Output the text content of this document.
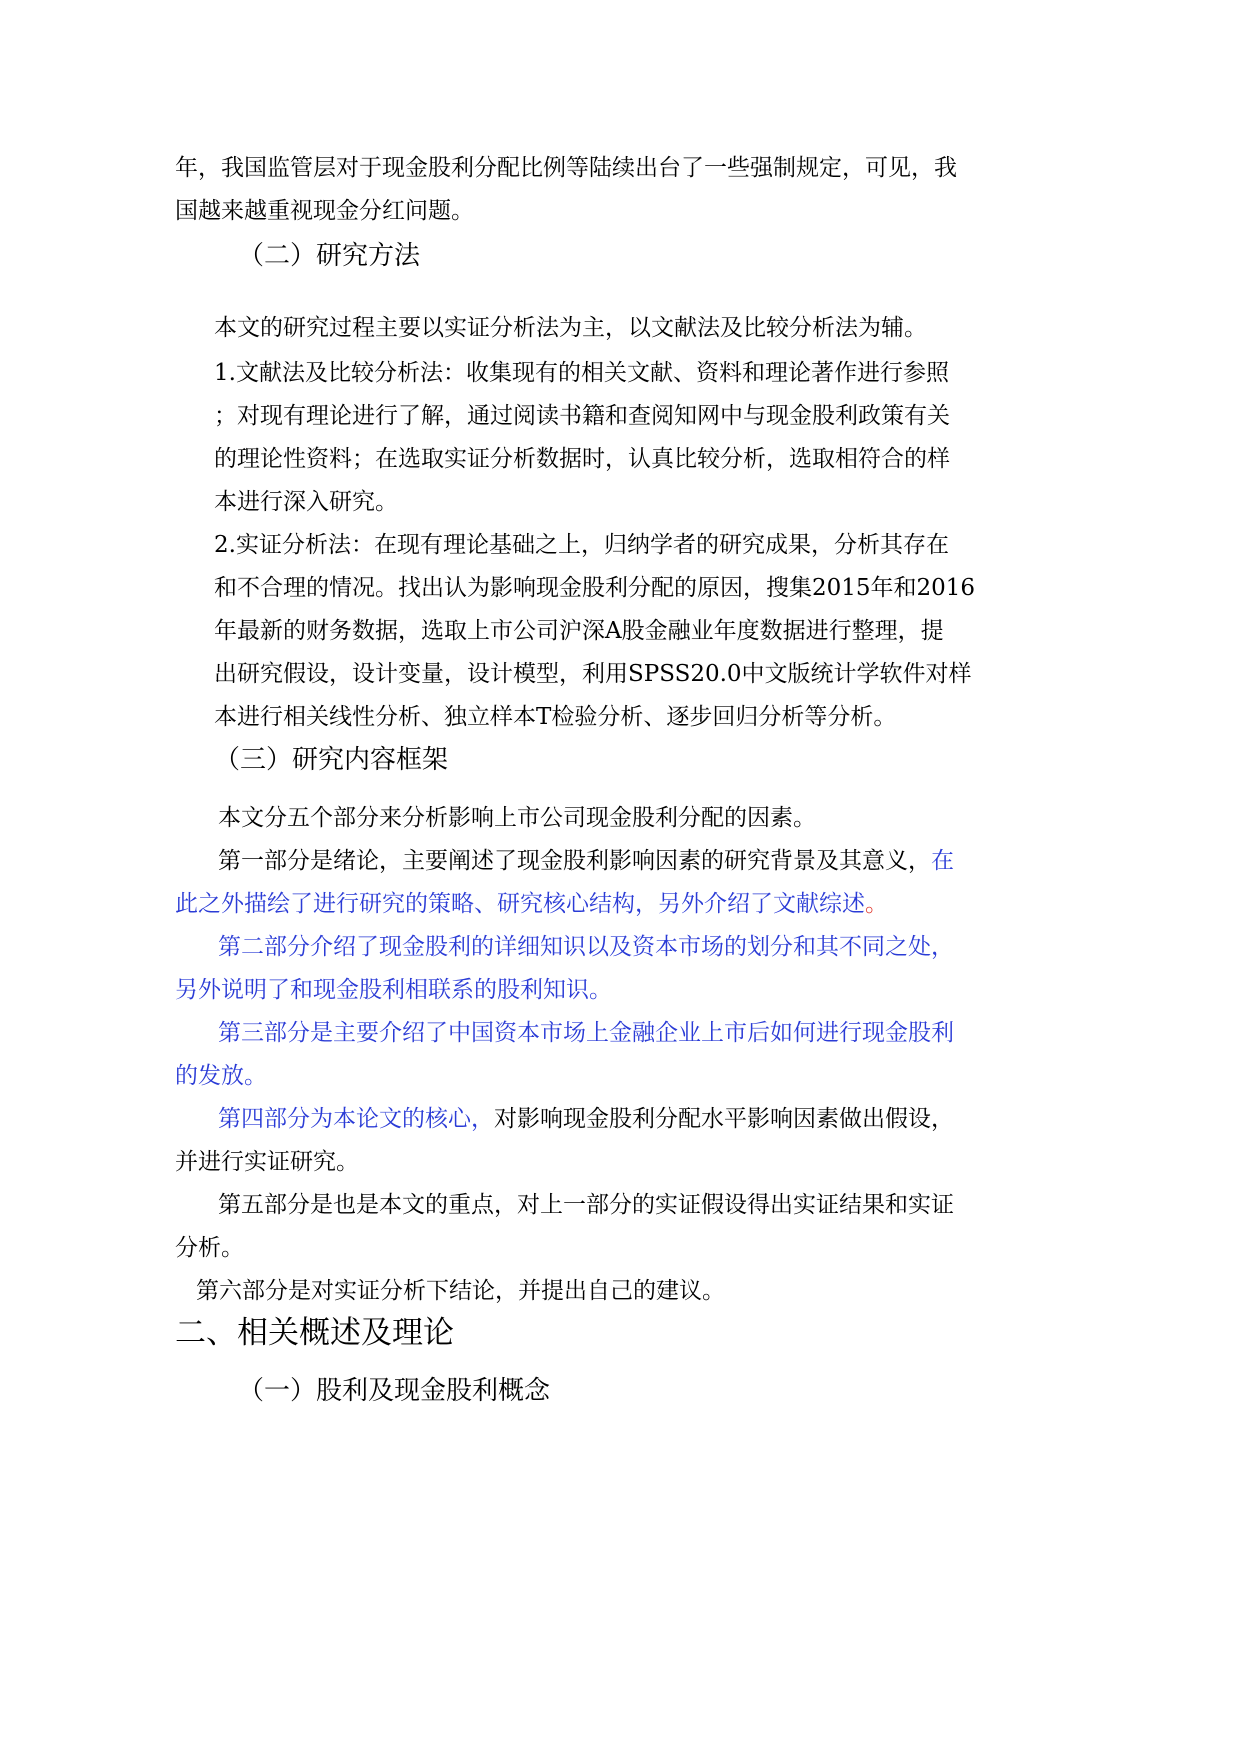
年，我国监管层对于现金股利分配比例等陆续出台了一些强制规定，可见，我
国越来越重视现金分红问题。
（二）研究方法
本文的研究过程主要以实证分析法为主，以文献法及比较分析法为辅。
1.文献法及比较分析法：收集现有的相关文献、资料和理论著作进行参照
；对现有理论进行了解，通过阅读书籍和查阅知网中与现金股利政策有关
的理论性资料；在选取实证分析数据时，认真比较分析，选取相符合的样
本进行深入研究。
2.实证分析法：在现有理论基础之上，归纳学者的研究成果，分析其存在
和不合理的情况。找出认为影响现金股利分配的原因，搜集2015年和2016
年最新的财务数据，选取上市公司沪深A股金融业年度数据进行整理，提
出研究假设，设计变量，设计模型，利用SPSS20.0中文版统计学软件对样
本进行相关线性分析、独立样本T检验分析、逐步回归分析等分析。
（三）研究内容框架
本文分五个部分来分析影响上市公司现金股利分配的因素。
第一部分是绪论，主要阐述了现金股利影响因素的研究背景及其意义，在
此之外描绘了进行研究的策略、研究核心结构，另外介绍了文献综述。
第二部分介绍了现金股利的详细知识以及资本市场的划分和其不同之处，
另外说明了和现金股利相联系的股利知识。
第三部分是主要介绍了中国资本市场上金融企业上市后如何进行现金股利
的发放。
第四部分为本论文的核心，对影响现金股利分配水平影响因素做出假设，
并进行实证研究。
第五部分是也是本文的重点，对上一部分的实证假设得出实证结果和实证
分析。
第六部分是对实证分析下结论，并提出自己的建议。
二、相关概述及理论
（一）股利及现金股利概念
